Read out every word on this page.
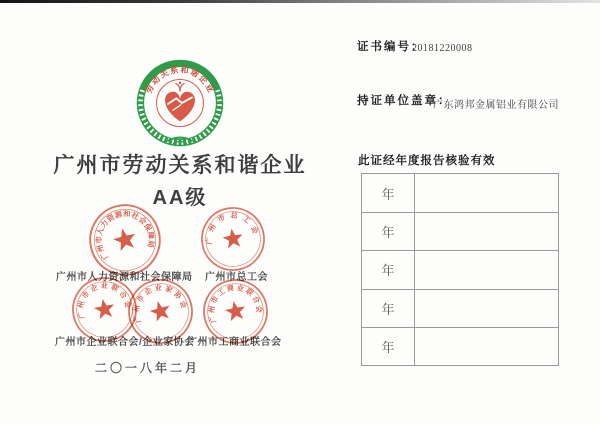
劳动关系和谐企业
广州市劳动关系和谐企业
AA级
广州市人力资源和社会保障局 广州市总工会
广州市企业联合会/企业家协会
广州市工商业联合会
广州市人力资源和社会保障局	广州市总工会
广州市企业联合会
广州市企业家协会
广州市工商业联合会
二〇一八年二月
证书编号：
20181220008
持证单位盖章：
广东鸿邦金属铝业有限公司
此证经年度报告核验有效
年
年
年
年
年
